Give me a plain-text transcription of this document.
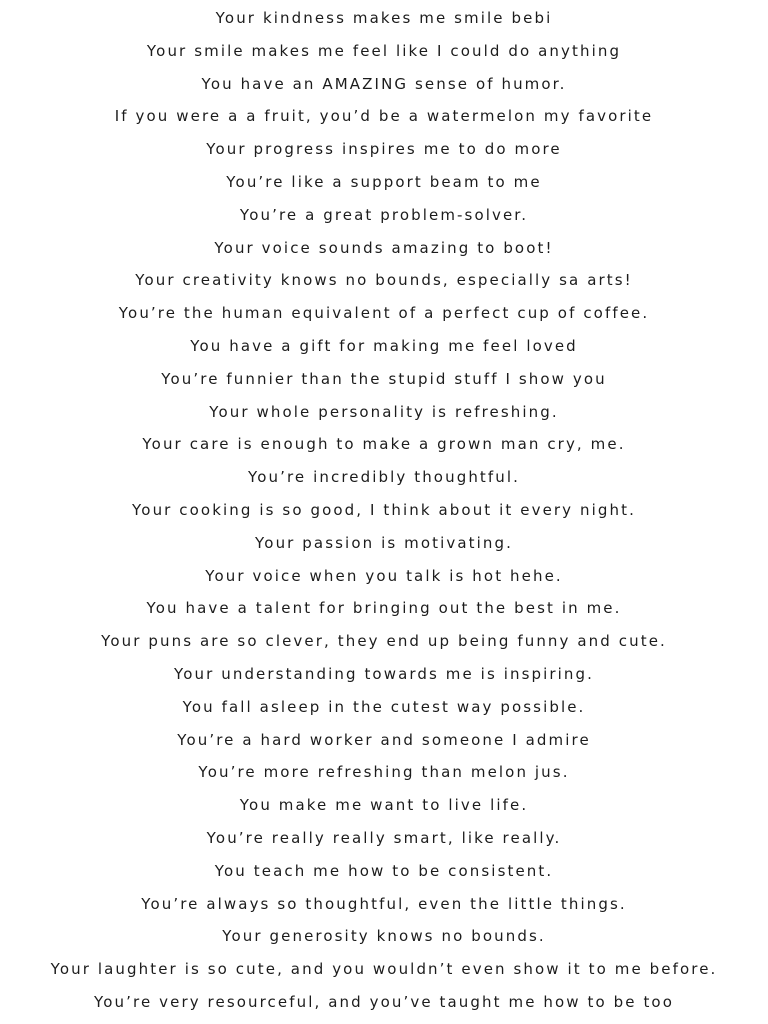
Your kindness makes me smile bebi
Your smile makes me feel like I could do anything
You have an AMAZING sense of humor.
If you were a a fruit, you’d be a watermelon my favorite
Your progress inspires me to do more
You’re like a support beam to me
You’re a great problem-solver.
Your voice sounds amazing to boot!
Your creativity knows no bounds, especially sa arts!
You’re the human equivalent of a perfect cup of coffee.
You have a gift for making me feel loved
You’re funnier than the stupid stuff I show you
Your whole personality is refreshing.
Your care is enough to make a grown man cry, me.
You’re incredibly thoughtful.
Your cooking is so good, I think about it every night.
Your passion is motivating.
Your voice when you talk is hot hehe.
You have a talent for bringing out the best in me.
Your puns are so clever, they end up being funny and cute.
Your understanding towards me is inspiring.
You fall asleep in the cutest way possible.
You’re a hard worker and someone I admire
You’re more refreshing than melon jus.
You make me want to live life.
You’re really really smart, like really.
You teach me how to be consistent.
You’re always so thoughtful, even the little things.
Your generosity knows no bounds.
Your laughter is so cute, and you wouldn’t even show it to me before.
You’re very resourceful, and you’ve taught me how to be too
